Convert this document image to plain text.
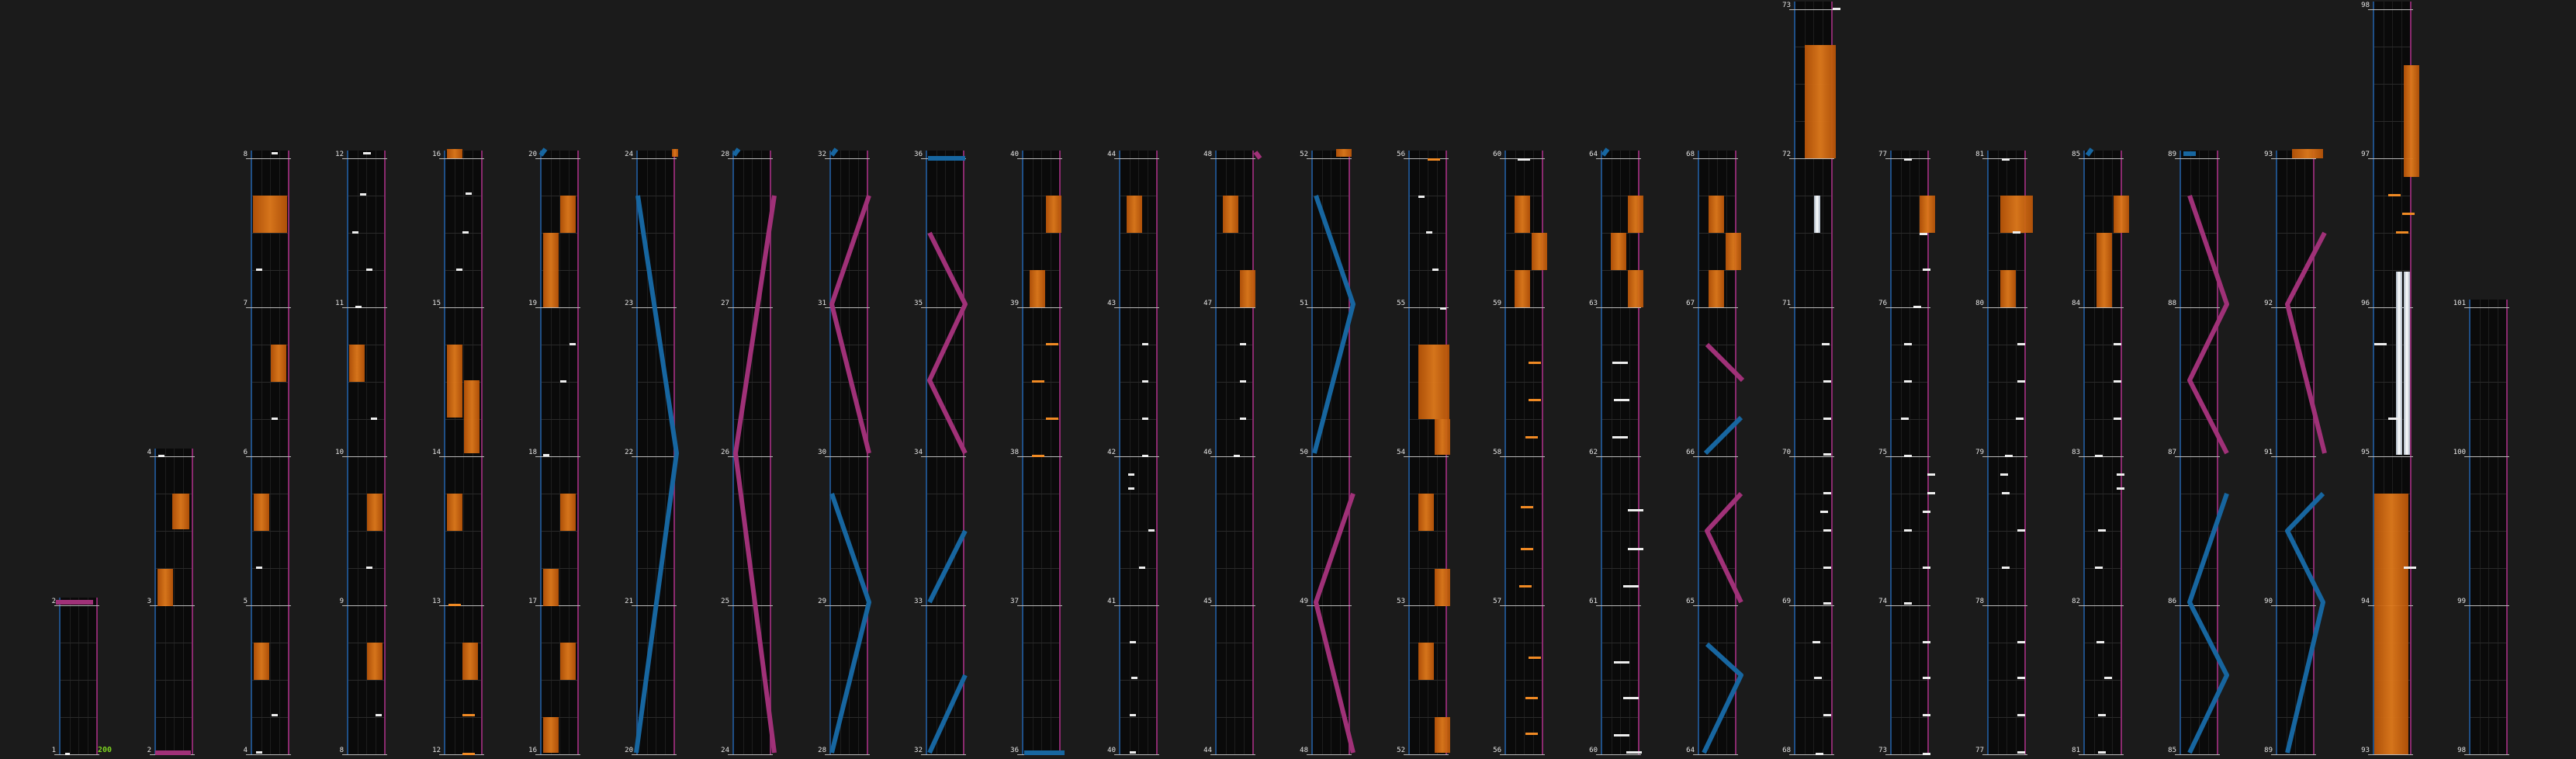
1
2
2
3
4
4
5
6
7
8
8
9
10
11
12
12
13
14
15
16
16
17
18
19
20
20
21
22
23
24
24
25
26
27
28
28
29
30
31
32
32
33
34
35
36
36
37
38
39
40
40
41
42
43
44
44
45
46
47
48
48
49
50
51
52
52
53
54
55
56
56
57
58
59
60
60
61
62
63
64
64
65
66
67
68
68
69
70
71
72
73
73
74
75
76
77
77
78
79
80
81
81
82
83
84
85
85
86
87
88
89
89
90
91
92
93
93
94
95
96
97
98
98
99
100
101
200
